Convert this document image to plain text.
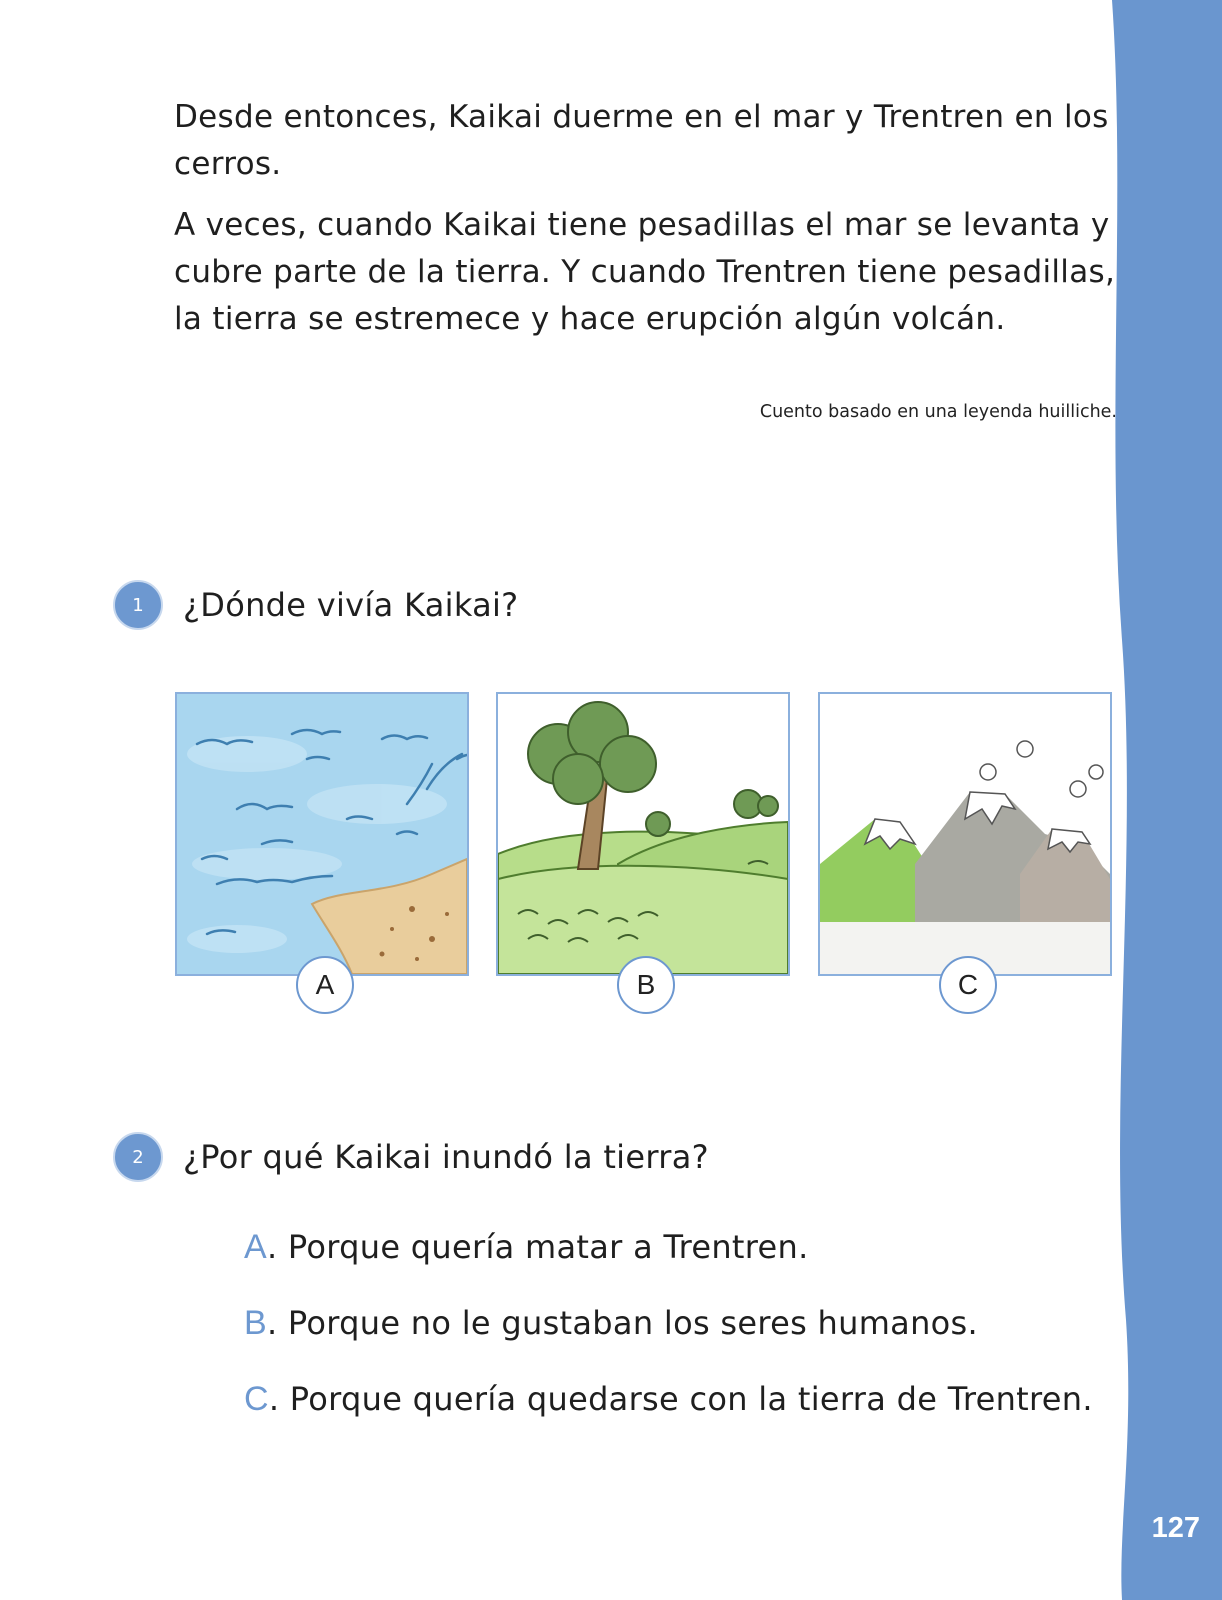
127

Desde entonces, Kaikai duerme en el mar y Trentren en los cerros.

A veces, cuando Kaikai tiene pesadillas el mar se levanta y cubre parte de la tierra. Y cuando Trentren tiene pesadillas, la tierra se estremece y hace erupción algún volcán.

Cuento basado en una leyenda huilliche.
1	¿Dónde vivía Kaikai?
A	B	C
2	¿Por qué Kaikai inundó la tierra?
A. Porque quería matar a Trentren.
B. Porque no le gustaban los seres humanos.
C. Porque quería quedarse con la tierra de Trentren.
